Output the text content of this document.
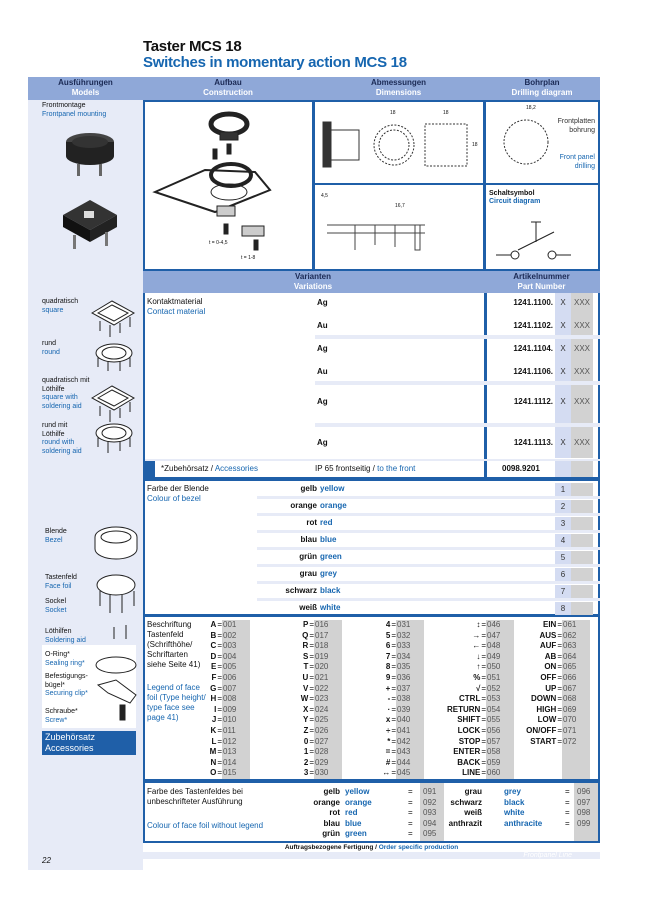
Taster MCS 18
Switches in momentary action MCS 18
Ausführungen
Models
Aufbau
Construction
Abmessungen
Dimensions
Bohrplan
Drilling diagram
Frontmontage
Frontpanel mounting
t = 0-4,5
t = 1-8
18	18
18
18,2
Frontplatten bohrung
Front panel drilling
4,5
16,7
Schaltsymbol
Circuit diagram
quadratisch
square
rund
round
quadratisch mit Löthilfe
square with soldering aid
rund mit Löthilfe
round with soldering aid
Blende
Bezel
Tastenfeld
Face foil
Sockel
Socket
Löthilfen
Soldering aid
O-Ring*
Sealing ring*
Befestigungs-bügel*
Securing clip*
Schraube*
Screw*
Zubehörsatz
Accessories
Varianten
Variations
Artikelnummer
Part Number
Kontaktmaterial
Contact material
Ag	1241.1100. X	XXX
Au	1241.1102. X	XXX
Ag	1241.1104. X	XXX
Au	1241.1106. X	XXX
Ag	1241.1112. X	XXX
Ag	1241.1113. X	XXX
*Zubehörsatz / Accessories	IP 65 frontseitig / to the front	0098.9201
Farbe der Blende
Colour of bezel
gelb yellow	1
orange orange	2
rot red	3
blau blue	4
grün green	5
grau grey	6
schwarz black	7
weiß white	8
Beschriftung Tastenfeld (Schrifthöhe/ Schriftarten siehe Seite 41)
Legend of face foil (Type height/ type face see page 41)
A = 001
B = 002
C = 003
D = 004
E = 005
F = 006
G = 007
H = 008
I = 009
J = 010
K = 011
L = 012
M = 013
N = 014
O = 015
P = 016
Q = 017
R = 018
S = 019
T = 020
U = 021
V = 022
W = 023
X = 024
Y = 025
Z = 026
0 = 027
1 = 028
2 = 029
3 = 030
4 = 031
5 = 032
6 = 033
7 = 034
8 = 035
9 = 036
+ = 037
- = 038
· = 039
x = 040
÷ = 041
* = 042
= = 043
# = 044
↔ = 045
↕ = 046
→ = 047
← = 048
↓ = 049
↑ = 050
% = 051
√ = 052
CTRL = 053
RETURN = 054
SHIFT = 055
LOCK = 056
STOP = 057
ENTER = 058
BACK = 059
LINE = 060
EIN = 061
AUS = 062
AUF = 063
AB = 064
ON = 065
OFF = 066
UP = 067
DOWN = 068
HIGH = 069
LOW = 070
ON/OFF = 071
START = 072
Farbe des Tastenfeldes bei unbeschrifteter Ausführung
Colour of face foil without legend
gelb yellow	= 091
orange orange	= 092
rot red	= 093
blau blue	= 094
grün green	= 095
grau	grey	= 096
schwarz	black	= 097
weiß	white	= 098
anthrazit	anthracite	= 099
Auftragsbezogene Fertigung / Order specific production
Frontpanel Line
22
